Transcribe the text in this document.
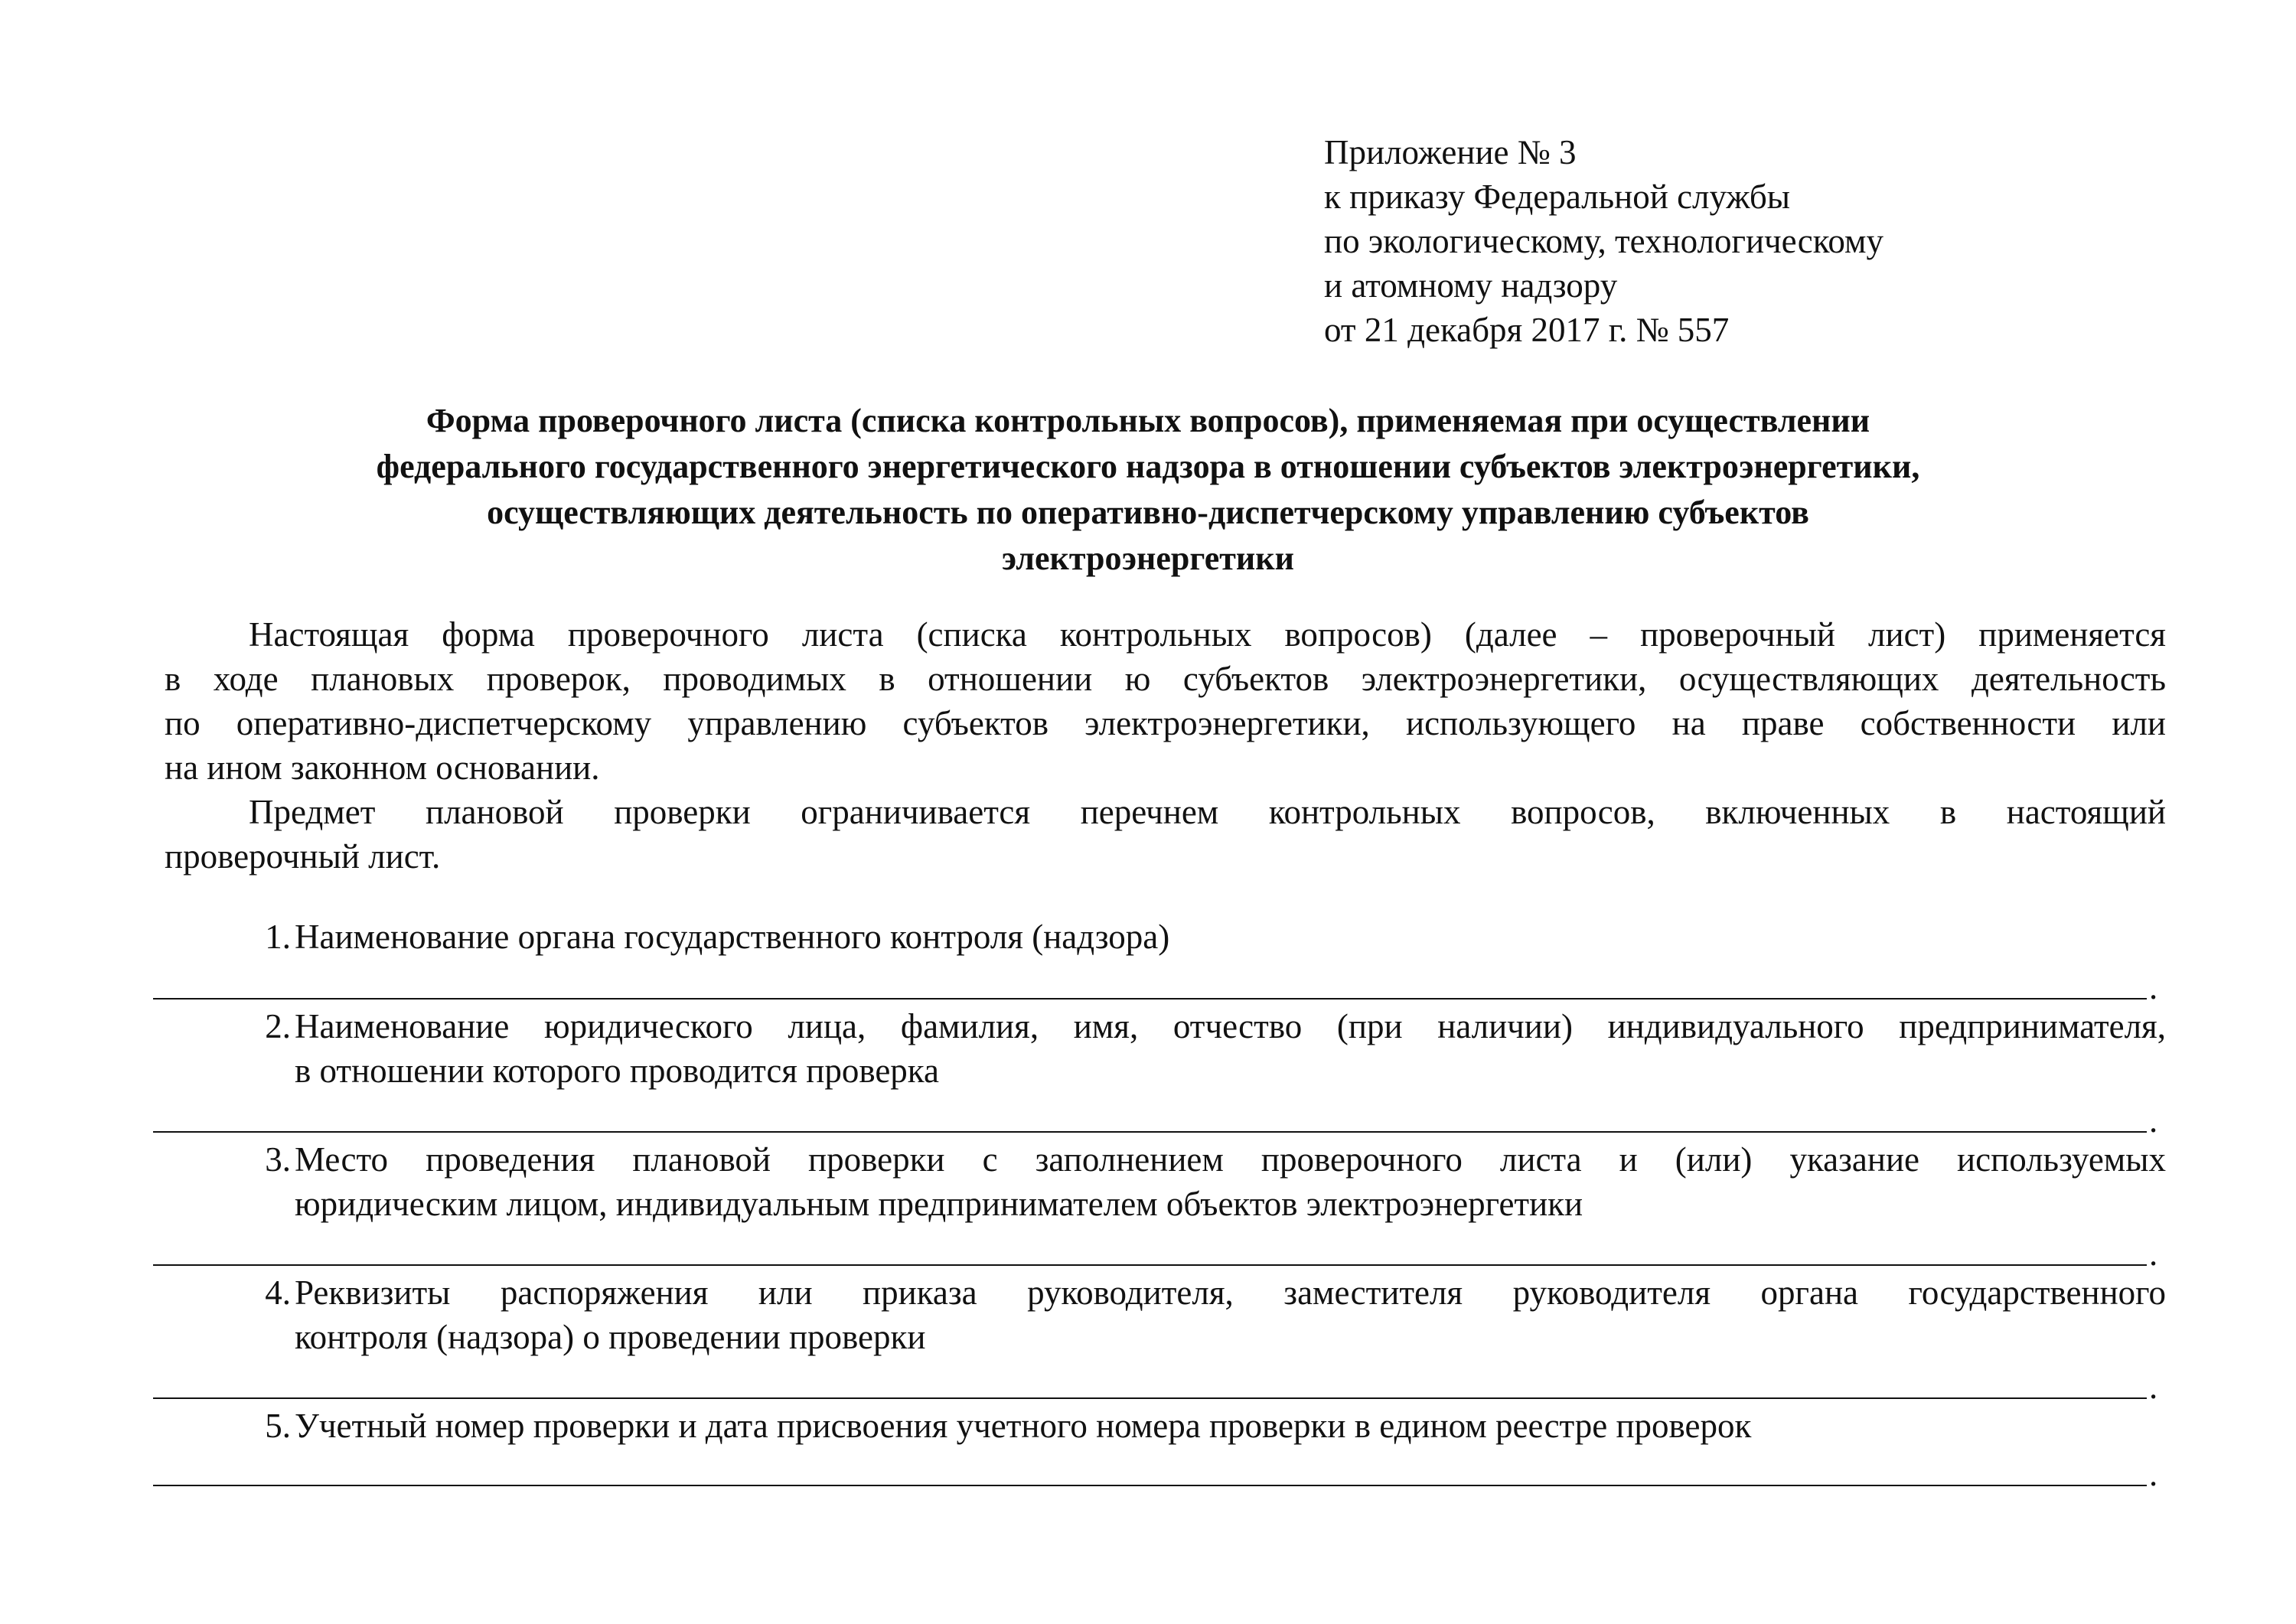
Приложение № 3
к приказу Федеральной службы
по экологическому, технологическому
и атомному надзору
от 21 декабря 2017 г. № 557
Форма проверочного листа (списка контрольных вопросов), применяемая при осуществлении
федерального государственного энергетического надзора в отношении субъектов электроэнергетики,
осуществляющих деятельность по оперативно-диспетчерскому управлению субъектов
электроэнергетики
Настоящая форма проверочного листа (списка контрольных вопросов) (далее – проверочный лист) применяется
в ходе плановых проверок, проводимых в отношении ю субъектов электроэнергетики, осуществляющих деятельность
по оперативно-диспетчерскому управлению субъектов электроэнергетики, использующего на праве собственности или
на ином законном основании.
Предмет плановой проверки ограничивается перечнем контрольных вопросов, включенных в настоящий
проверочный лист.
1. Наименование органа государственного контроля (надзора)
.
2. Наименование юридического лица, фамилия, имя, отчество (при наличии) индивидуального предпринимателя,
в отношении которого проводится проверка
.
3. Место проведения плановой проверки с заполнением проверочного листа и (или) указание используемых
юридическим лицом, индивидуальным предпринимателем объектов электроэнергетики
.
4. Реквизиты распоряжения или приказа руководителя, заместителя руководителя органа государственного
контроля (надзора) о проведении проверки
.
5. Учетный номер проверки и дата присвоения учетного номера проверки в едином реестре проверок
.
